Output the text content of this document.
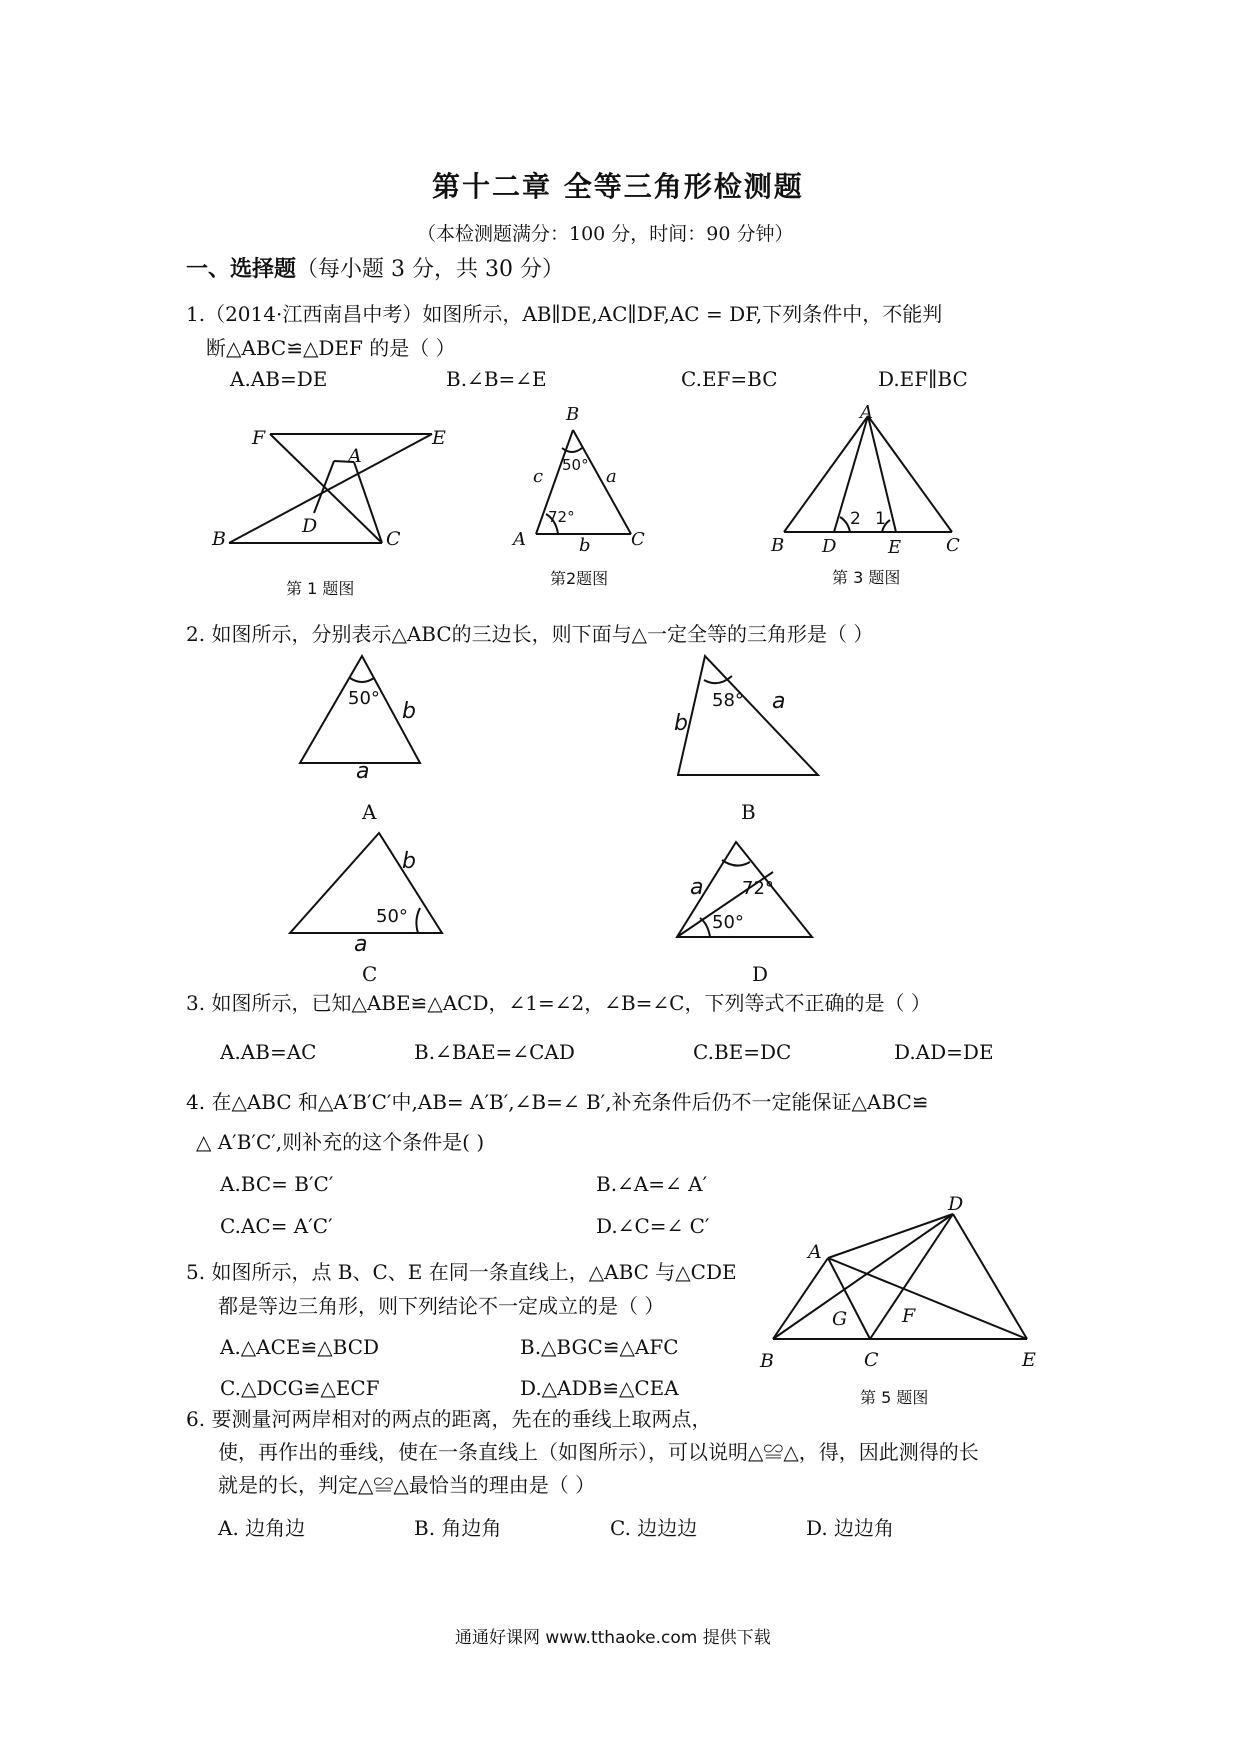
第十二章 全等三角形检测题
（本检测题满分：100 分，时间：90 分钟）
一、选择题（每小题 3 分，共 30 分）
1.（2014·江西南昌中考）如图所示，AB∥DE,AC∥DF,AC = DF,下列条件中，不能判
断△ABC≌△DEF 的是（ ）
A.AB=DE	B.∠B=∠E	C.EF=BC	D.EF∥BC
F	E
A
D
B	C
第 1 题图
B
50°
c	a
72°
A	b C
第2题图
A
2 1
B D	E C
第 3 题图
2. 如图所示，分别表示△ABC的三边长，则下面与△一定全等的三角形是（ ）
50°
b
a
A
58° a
b
B
b
50°
a
C
a 72°
50°
D
3. 如图所示，已知△ABE≌△ACD，∠1=∠2，∠B=∠C，下列等式不正确的是（ ）
A.AB=AC	B.∠BAE=∠CAD	C.BE=DC	D.AD=DE
4. 在△ABC 和△A′B′C′中,AB= A′B′,∠B=∠ B′,补充条件后仍不一定能保证△ABC≌
△ A′B′C′,则补充的这个条件是( )
A.BC= B′C′	B.∠A=∠ A′
C.AC= A′C′	D.∠C=∠ C′
D
A
G	F
B	C	E
第 5 题图
5. 如图所示，点 B、C、E 在同一条直线上，△ABC 与△CDE
都是等边三角形，则下列结论不一定成立的是（ ）
A.△ACE≌△BCD	B.△BGC≌△AFC
C.△DCG≌△ECF	D.△ADB≌△CEA
6. 要测量河两岸相对的两点的距离，先在的垂线上取两点，
使，再作出的垂线，使在一条直线上（如图所示），可以说明△≌△，得，因此测得的长
就是的长，判定△≌△最恰当的理由是（ ）
A. 边角边	B. 角边角	C. 边边边	D. 边边角
通通好课网 www.tthaoke.com 提供下载
